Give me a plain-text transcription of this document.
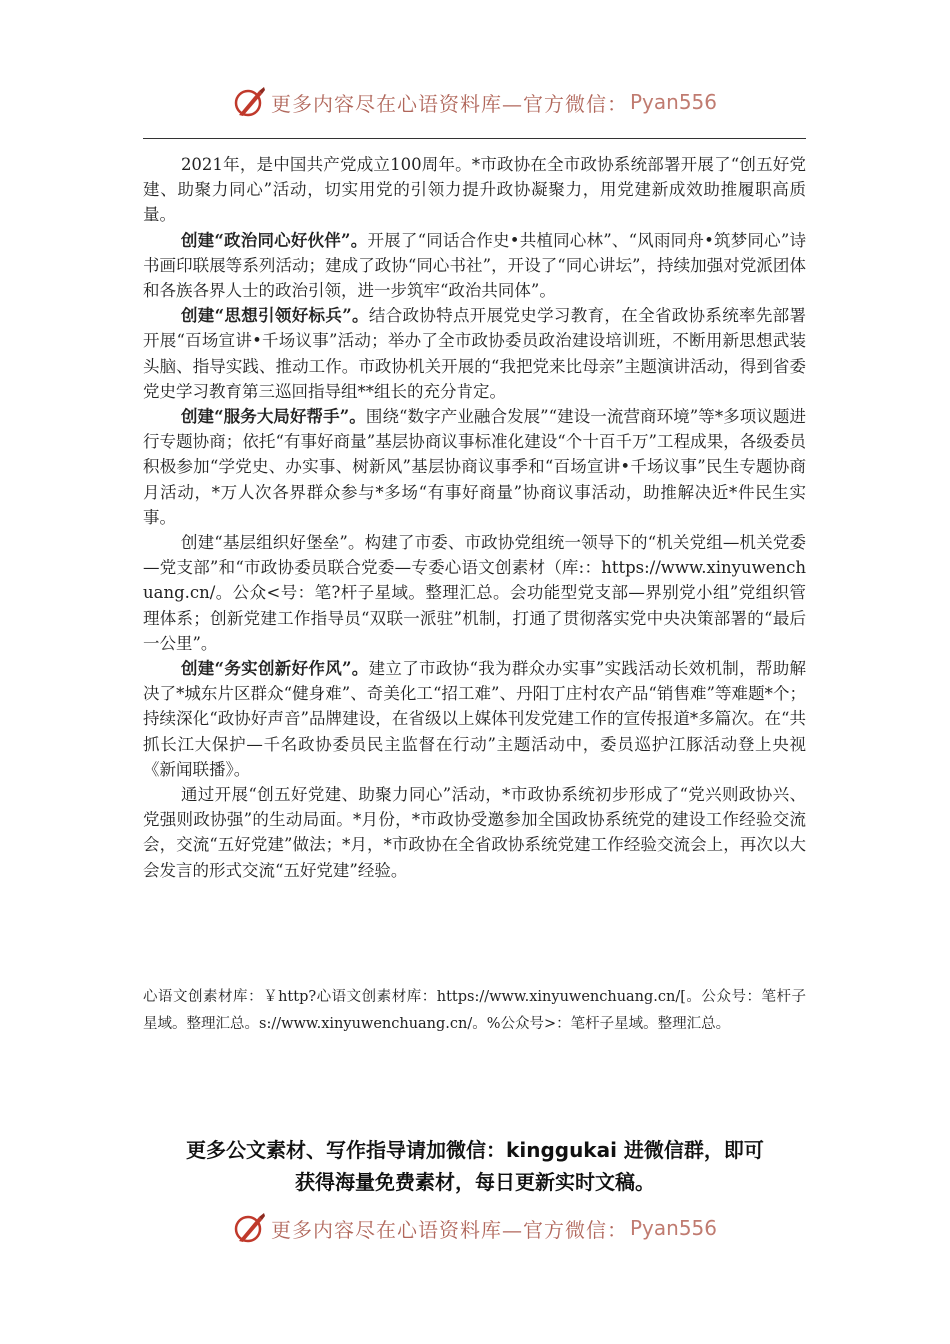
更多内容尽在心语资料库—官方微信： Pyan556

2021年，是中国共产党成立100周年。*市政协在全市政协系统部署开展了“创五好党建、助聚力同心”活动，切实用党的引领力提升政协凝聚力，用党建新成效助推履职高质量。

创建“政治同心好伙伴”。开展了“同话合作史•共植同心林”、“风雨同舟•筑梦同心”诗书画印联展等系列活动；建成了政协“同心书社”，开设了“同心讲坛”，持续加强对党派团体和各族各界人士的政治引领，进一步筑牢“政治共同体”。

创建“思想引领好标兵”。结合政协特点开展党史学习教育，在全省政协系统率先部署开展“百场宣讲•千场议事”活动；举办了全市政协委员政治建设培训班，不断用新思想武装头脑、指导实践、推动工作。市政协机关开展的“我把党来比母亲”主题演讲活动，得到省委党史学习教育第三巡回指导组**组长的充分肯定。

创建“服务大局好帮手”。围绕“数字产业融合发展”“建设一流营商环境”等*多项议题进行专题协商；依托“有事好商量”基层协商议事标准化建设“个十百千万”工程成果，各级委员积极参加“学党史、办实事、树新风”基层协商议事季和“百场宣讲•千场议事”民生专题协商月活动，*万人次各界群众参与*多场“有事好商量”协商议事活动，助推解决近*件民生实事。

创建“基层组织好堡垒”。构建了市委、市政协党组统一领导下的“机关党组—机关党委—党支部”和“市政协委员联合党委—专委心语文创素材（库:：https://www.xinyuwenchuang.cn/。公众<号：笔?杆子星域。整理汇总。会功能型党支部—界别党小组”党组织管理体系；创新党建工作指导员“双联一派驻”机制，打通了贯彻落实党中央决策部署的“最后一公里”。

创建“务实创新好作风”。建立了市政协“我为群众办实事”实践活动长效机制，帮助解决了*城东片区群众“健身难”、奇美化工“招工难”、丹阳丁庄村农产品“销售难”等难题*个；持续深化“政协好声音”品牌建设，在省级以上媒体刊发党建工作的宣传报道*多篇次。在“共抓长江大保护—千名政协委员民主监督在行动”主题活动中，委员巡护江豚活动登上央视《新闻联播》。

通过开展“创五好党建、助聚力同心”活动，*市政协系统初步形成了“党兴则政协兴、党强则政协强”的生动局面。*月份，*市政协受邀参加全国政协系统党的建设工作经验交流会，交流“五好党建”做法；*月，*市政协在全省政协系统党建工作经验交流会上，再次以大会发言的形式交流“五好党建”经验。

心语文创素材库：￥http?心语文创素材库：https://www.xinyuwenchuang.cn/[。公众号：笔杆子星域。整理汇总。s://www.xinyuwenchuang.cn/。%公众号>：笔杆子星域。整理汇总。
更多公文素材、写作指导请加微信：kinggukai 进微信群，即可
获得海量免费素材，每日更新实时文稿。
更多内容尽在心语资料库—官方微信： Pyan556
